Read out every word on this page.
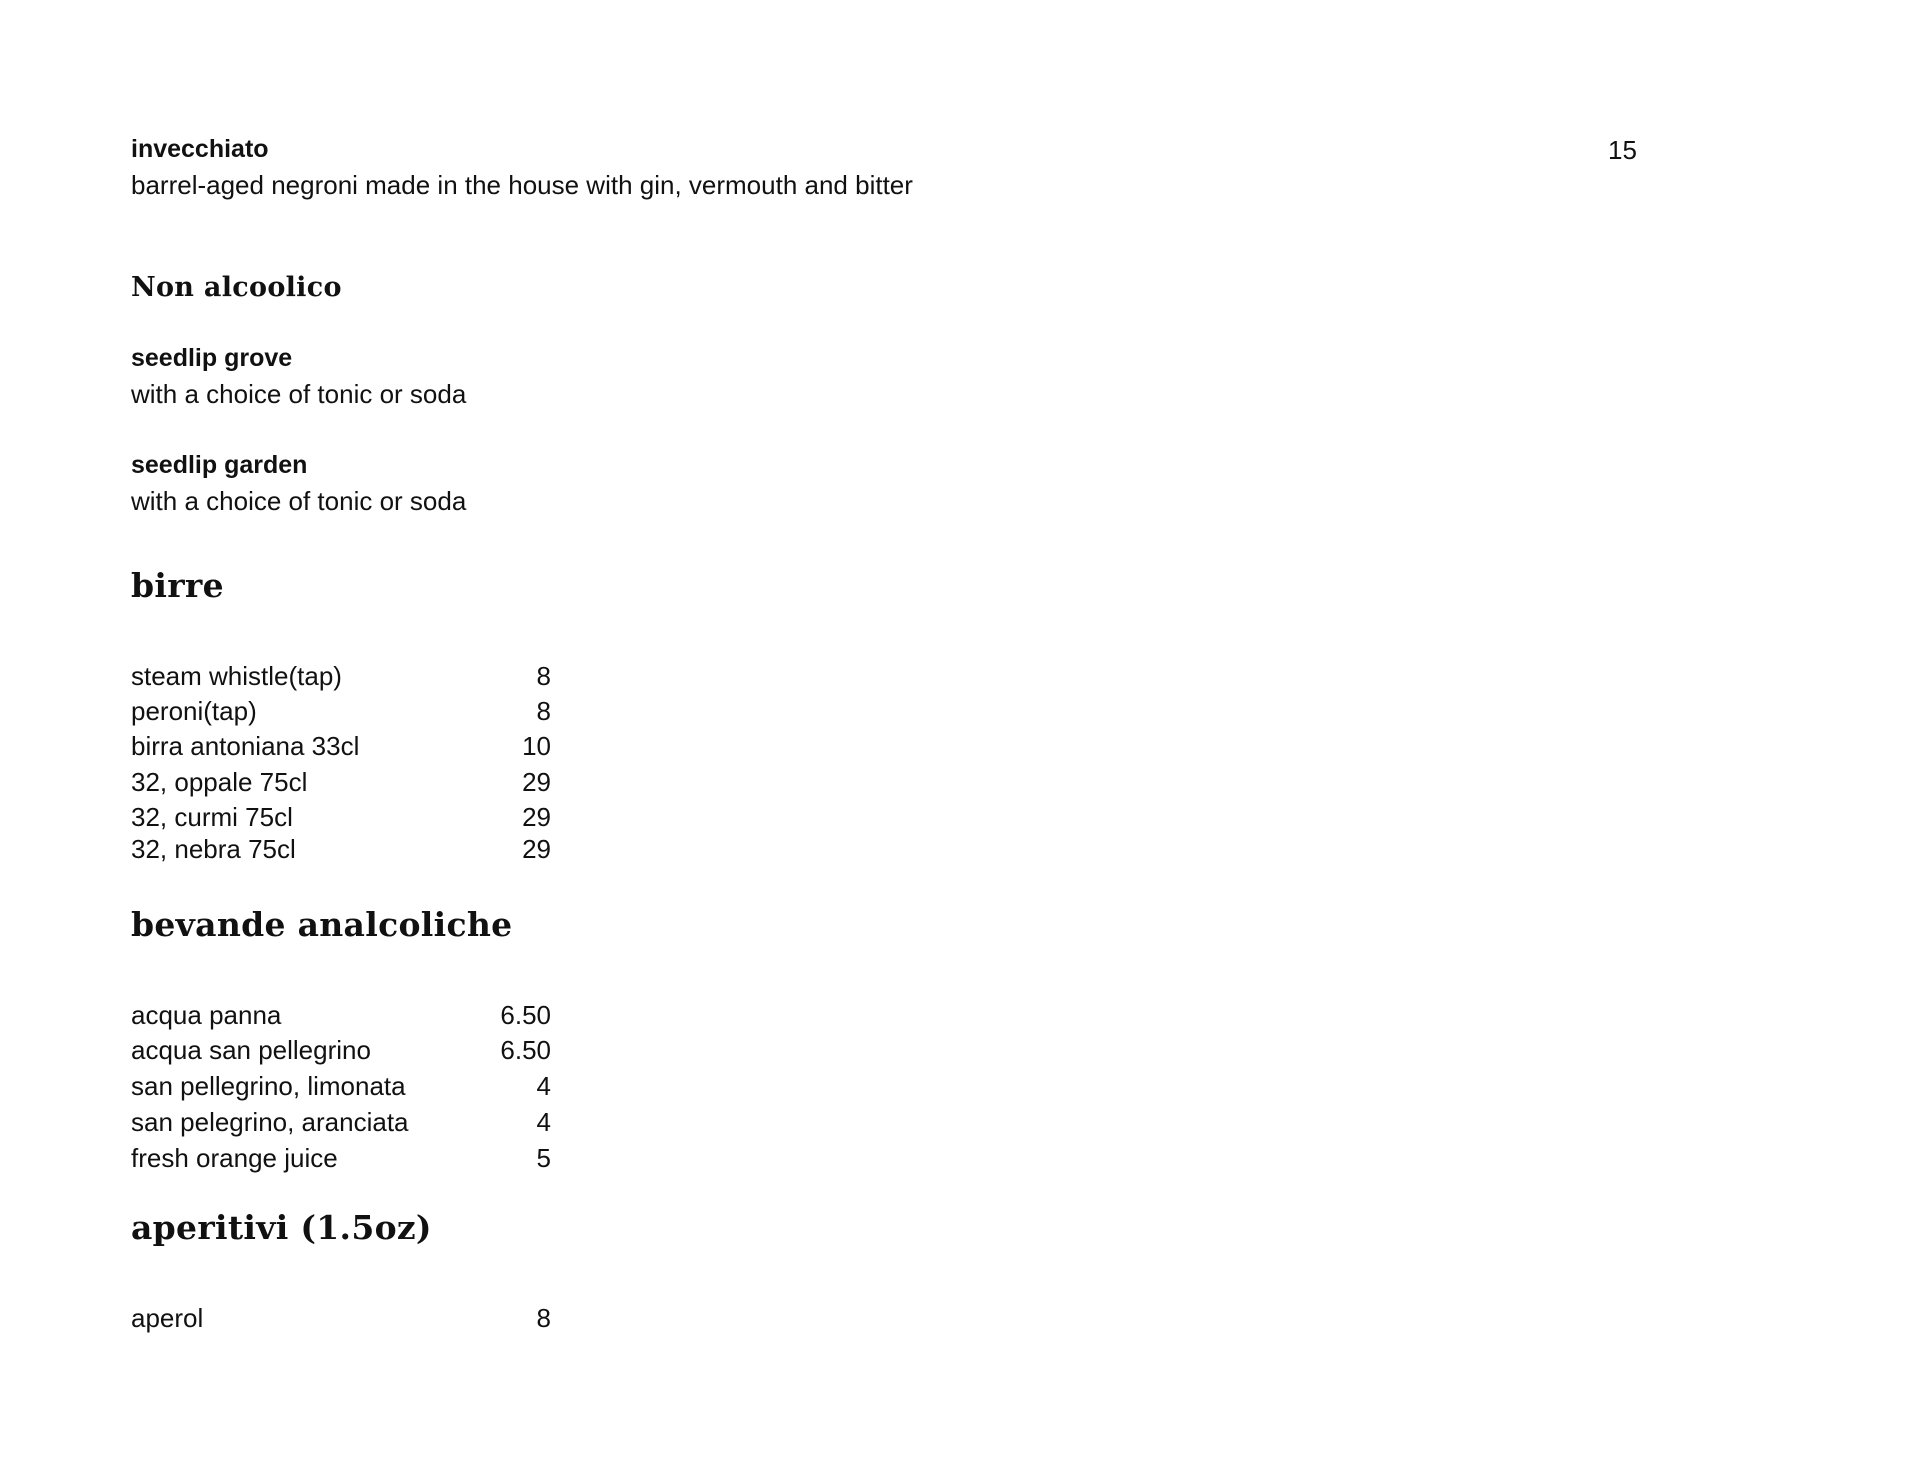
invecchiato	15
barrel-aged negroni made in the house with gin, vermouth and bitter
Non alcoolico
seedlip grove
with a choice of tonic or soda
seedlip garden
with a choice of tonic or soda
birre
steam whistle(tap)	8
peroni(tap)	8
birra antoniana 33cl	10
32, oppale 75cl	29
32, curmi 75cl	29
32, nebra 75cl	29
bevande analcoliche
acqua panna	6.50
acqua san pellegrino	6.50
san pellegrino, limonata	4
san pelegrino, aranciata	4
fresh orange juice	5
aperitivi (1.5oz)
aperol	8
